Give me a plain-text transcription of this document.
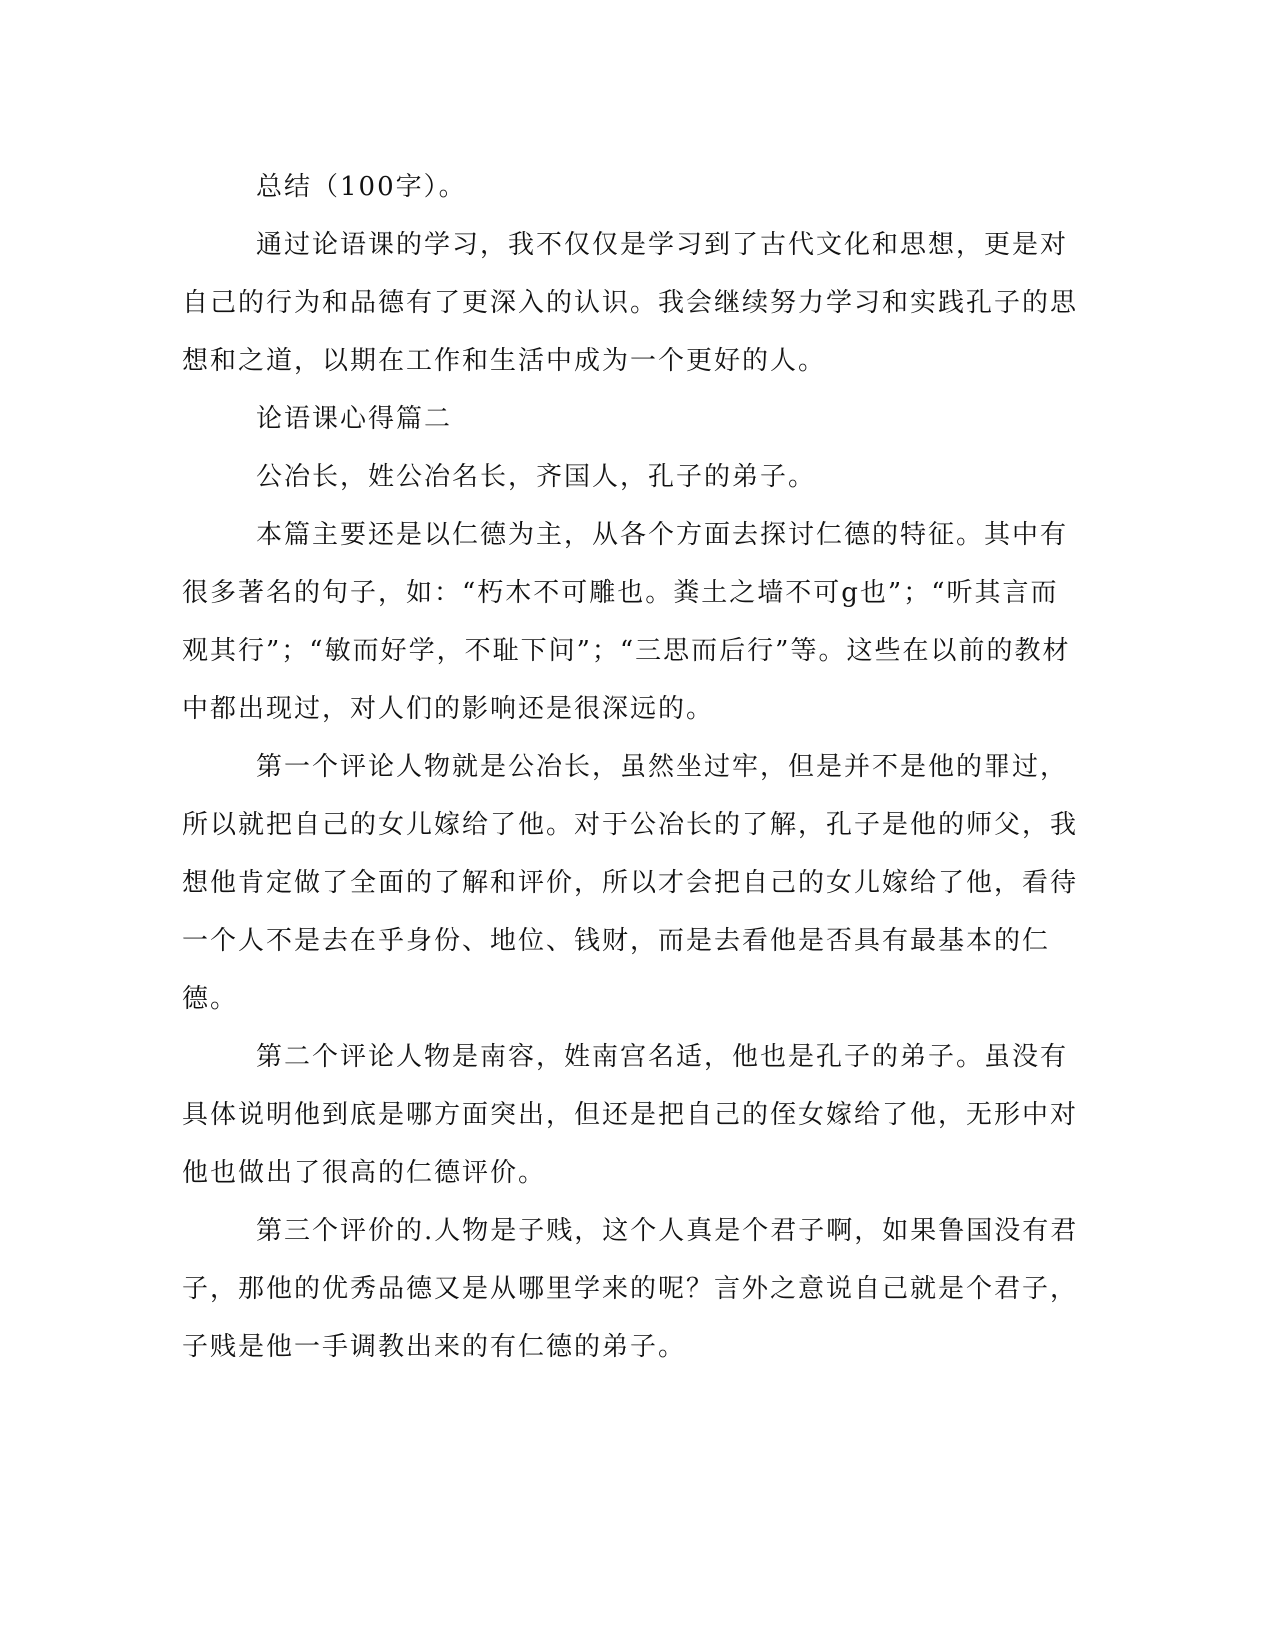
总结（100字）。

通过论语课的学习，我不仅仅是学习到了古代文化和思想，更是对自己的行为和品德有了更深入的认识。我会继续努力学习和实践孔子的思想和之道，以期在工作和生活中成为一个更好的人。

论语课心得篇二

公冶长，姓公冶名长，齐国人，孔子的弟子。

本篇主要还是以仁德为主，从各个方面去探讨仁德的特征。其中有很多著名的句子，如：“朽木不可雕也。粪土之墙不可g也”；“听其言而观其行”；“敏而好学，不耻下问”；“三思而后行”等。这些在以前的教材中都出现过，对人们的影响还是很深远的。

第一个评论人物就是公冶长，虽然坐过牢，但是并不是他的罪过，所以就把自己的女儿嫁给了他。对于公冶长的了解，孔子是他的师父，我想他肯定做了全面的了解和评价，所以才会把自己的女儿嫁给了他，看待一个人不是去在乎身份、地位、钱财，而是去看他是否具有最基本的仁德。

第二个评论人物是南容，姓南宫名适，他也是孔子的弟子。虽没有具体说明他到底是哪方面突出，但还是把自己的侄女嫁给了他，无形中对他也做出了很高的仁德评价。

第三个评价的.人物是子贱，这个人真是个君子啊，如果鲁国没有君子，那他的优秀品德又是从哪里学来的呢？言外之意说自己就是个君子，子贱是他一手调教出来的有仁德的弟子。
